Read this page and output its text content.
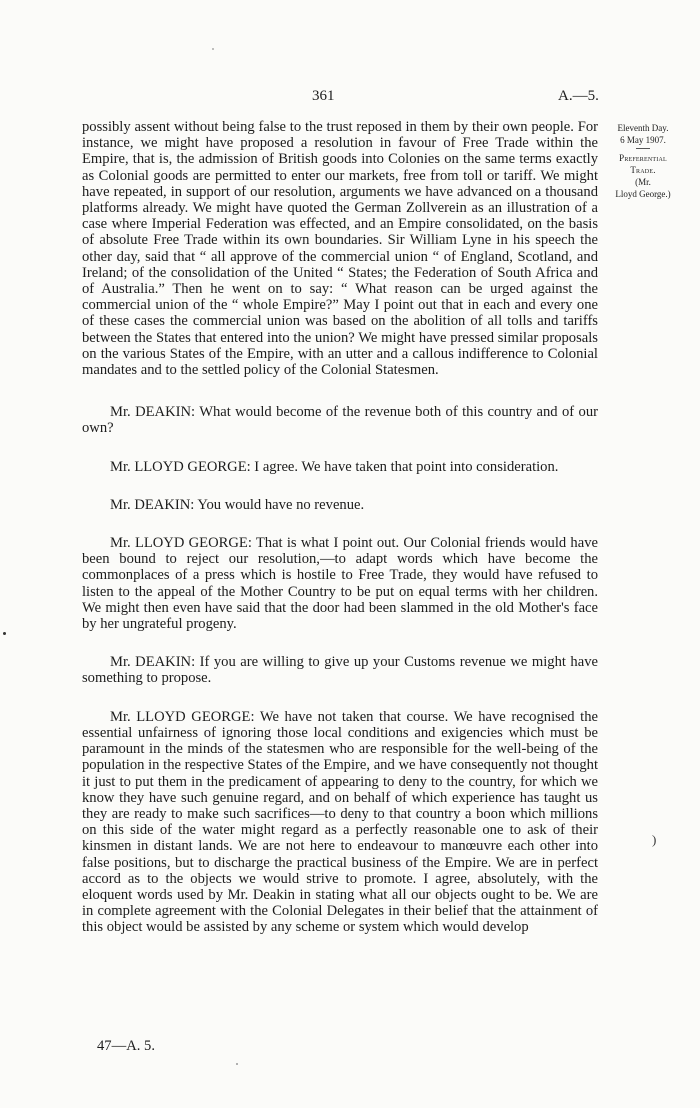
361	A.—5.
Eleventh Day.
6 May 1907.
Preferential
Trade.
(Mr.
Lloyd George.)

possibly assent without being false to the trust reposed in them by their own people. For instance, we might have proposed a resolution in favour of Free Trade within the Empire, that is, the admission of British goods into Colonies on the same terms exactly as Colonial goods are permitted to enter our markets, free from toll or tariff. We might have repeated, in support of our resolution, arguments we have advanced on a thousand platforms already. We might have quoted the German Zollverein as an illustration of a case where Imperial Federation was effected, and an Empire consolidated, on the basis of absolute Free Trade within its own boundaries. Sir William Lyne in his speech the other day, said that “ all approve of the commercial union “ of England, Scotland, and Ireland; of the consolidation of the United “ States; the Federation of South Africa and of Australia.” Then he went on to say: “ What reason can be urged against the commercial union of the “ whole Empire?” May I point out that in each and every one of these cases the commercial union was based on the abolition of all tolls and tariffs between the States that entered into the union? We might have pressed similar proposals on the various States of the Empire, with an utter and a callous indifference to Colonial mandates and to the settled policy of the Colonial Statesmen.

Mr. DEAKIN: What would become of the revenue both of this country and of our own?

Mr. LLOYD GEORGE: I agree. We have taken that point into consideration.

Mr. DEAKIN: You would have no revenue.

Mr. LLOYD GEORGE: That is what I point out. Our Colonial friends would have been bound to reject our resolution,—to adapt words which have become the commonplaces of a press which is hostile to Free Trade, they would have refused to listen to the appeal of the Mother Country to be put on equal terms with her children. We might then even have said that the door had been slammed in the old Mother's face by her ungrateful progeny.

Mr. DEAKIN: If you are willing to give up your Customs revenue we might have something to propose.

Mr. LLOYD GEORGE: We have not taken that course. We have recognised the essential unfairness of ignoring those local conditions and exigencies which must be paramount in the minds of the statesmen who are responsible for the well-being of the population in the respective States of the Empire, and we have consequently not thought it just to put them in the predicament of appearing to deny to the country, for which we know they have such genuine regard, and on behalf of which experience has taught us they are ready to make such sacrifices—to deny to that country a boon which millions on this side of the water might regard as a perfectly reasonable one to ask of their kinsmen in distant lands. We are not here to endeavour to manœuvre each other into false positions, but to discharge the practical business of the Empire. We are in perfect accord as to the objects we would strive to promote. I agree, absolutely, with the eloquent words used by Mr. Deakin in stating what all our objects ought to be. We are in complete agreement with the Colonial Delegates in their belief that the attainment of this object would be assisted by any scheme or system which would develop

)
47—A. 5.
